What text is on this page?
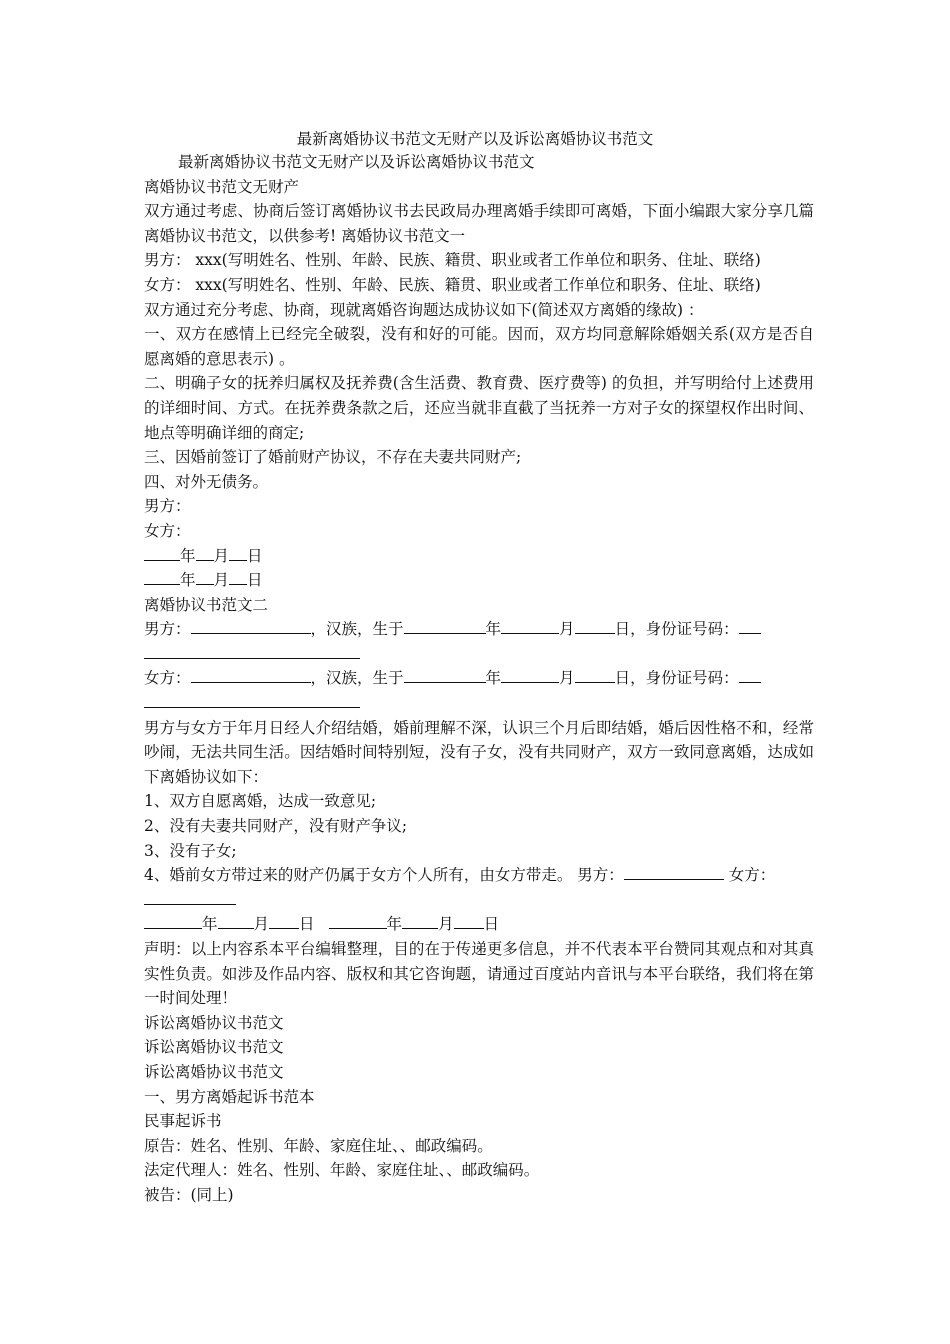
最新离婚协议书范文无财产以及诉讼离婚协议书范文

最新离婚协议书范文无财产以及诉讼离婚协议书范文

离婚协议书范文无财产

双方通过考虑、协商后签订离婚协议书去民政局办理离婚手续即可离婚，下面小编跟大家分享几篇离婚协议书范文，以供参考! 离婚协议书范文一

男方： xxx(写明姓名、性别、年龄、民族、籍贯、职业或者工作单位和职务、住址、联络)

女方： xxx(写明姓名、性别、年龄、民族、籍贯、职业或者工作单位和职务、住址、联络)

双方通过充分考虑、协商，现就离婚咨询题达成协议如下(简述双方离婚的缘故) ：

一、双方在感情上已经完全破裂，没有和好的可能。因而，双方均同意解除婚姻关系(双方是否自愿离婚的意思表示) 。

二、明确子女的抚养归属权及抚养费(含生活费、教育费、医疗费等) 的负担，并写明给付上述费用的详细时间、方式。在抚养费条款之后，还应当就非直截了当抚养一方对子女的探望权作出时间、地点等明确详细的商定;

三、因婚前签订了婚前财产协议，不存在夫妻共同财产;

四、对外无债务。

男方：

女方：

年 月 日

年 月 日

离婚协议书范文二

男方：	，汉族，生于	年	月	日，身份证号码：

女方：	，汉族，生于	年	月	日，身份证号码：

男方与女方于年月日经人介绍结婚，婚前理解不深，认识三个月后即结婚，婚后因性格不和，经常吵闹，无法共同生活。因结婚时间特别短，没有子女，没有共同财产，双方一致同意离婚，达成如下离婚协议如下：

1、双方自愿离婚，达成一致意见;

2、没有夫妻共同财产，没有财产争议;

3、没有子女;

4、婚前女方带过来的财产仍属于女方个人所有，由女方带走。 男方：	女方：

年 月 日	年 月 日

声明：以上内容系本平台编辑整理，目的在于传递更多信息，并不代表本平台赞同其观点和对其真实性负责。如涉及作品内容、版权和其它咨询题，请通过百度站内音讯与本平台联络，我们将在第一时间处理！

诉讼离婚协议书范文

诉讼离婚协议书范文

诉讼离婚协议书范文

一、男方离婚起诉书范本

民事起诉书

原告：姓名、性别、年龄、家庭住址、、邮政编码。

法定代理人：姓名、性别、年龄、家庭住址、、邮政编码。

被告：(同上)
